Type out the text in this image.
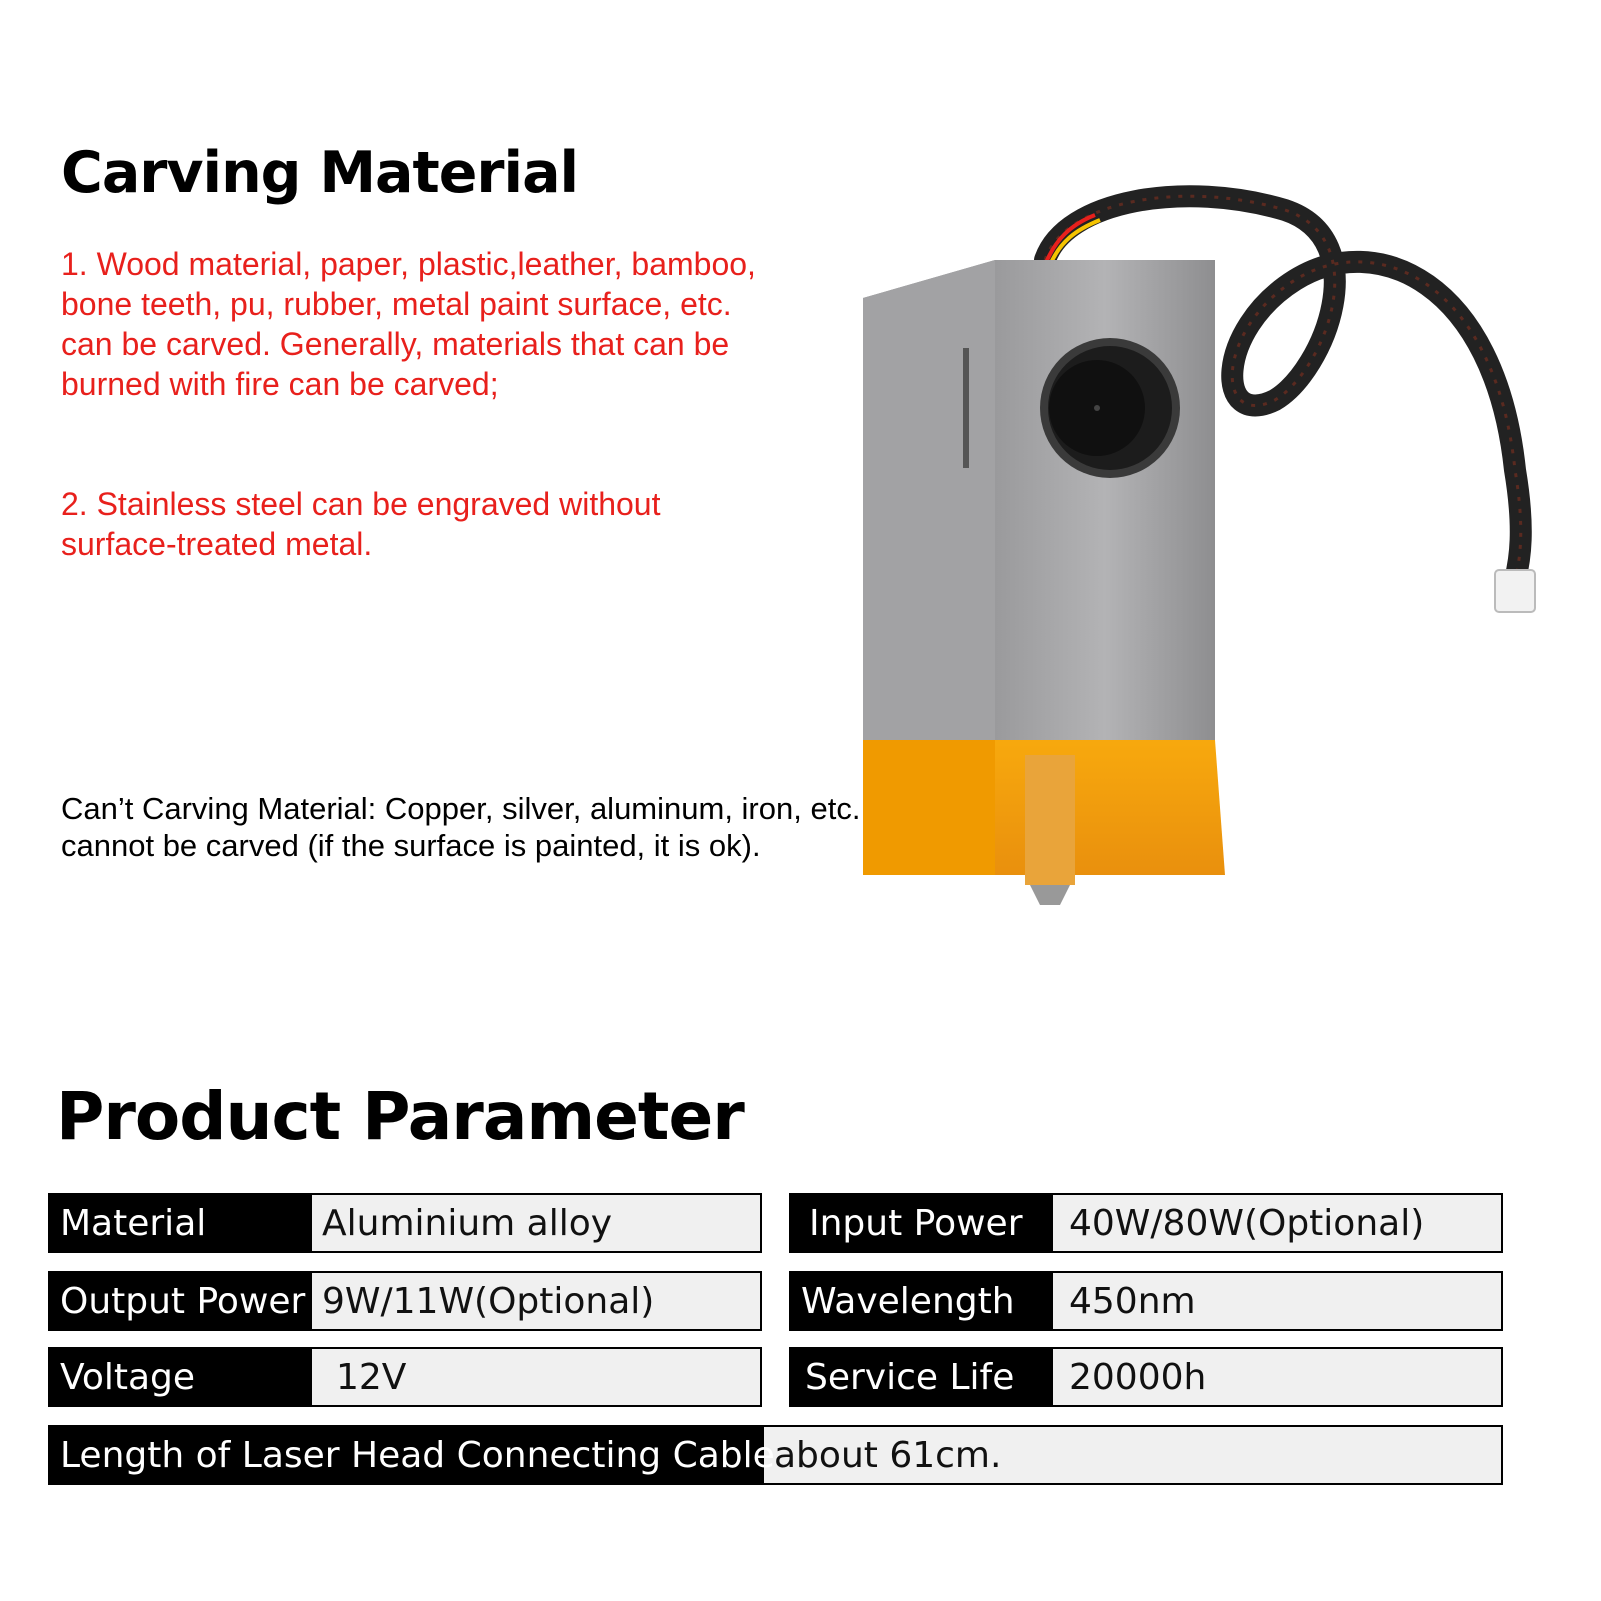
Carving Material
1. Wood material, paper, plastic,leather, bamboo, bone teeth, pu, rubber, metal paint surface, etc. can be carved. Generally, materials that can be burned with fire can be carved;
2. Stainless steel can be engraved without surface-treated metal.
Can’t Carving Material: Copper, silver, aluminum, iron, etc. cannot be carved (if the surface is painted, it is ok).
Product Parameter
Material	Aluminium alloy	Input Power	40W/80W(Optional)
Output Power 9W/11W(Optional)	Wavelength	450nm
Voltage	12V	Service Life	20000h
Length of Laser Head Connecting Cable about 61cm.
